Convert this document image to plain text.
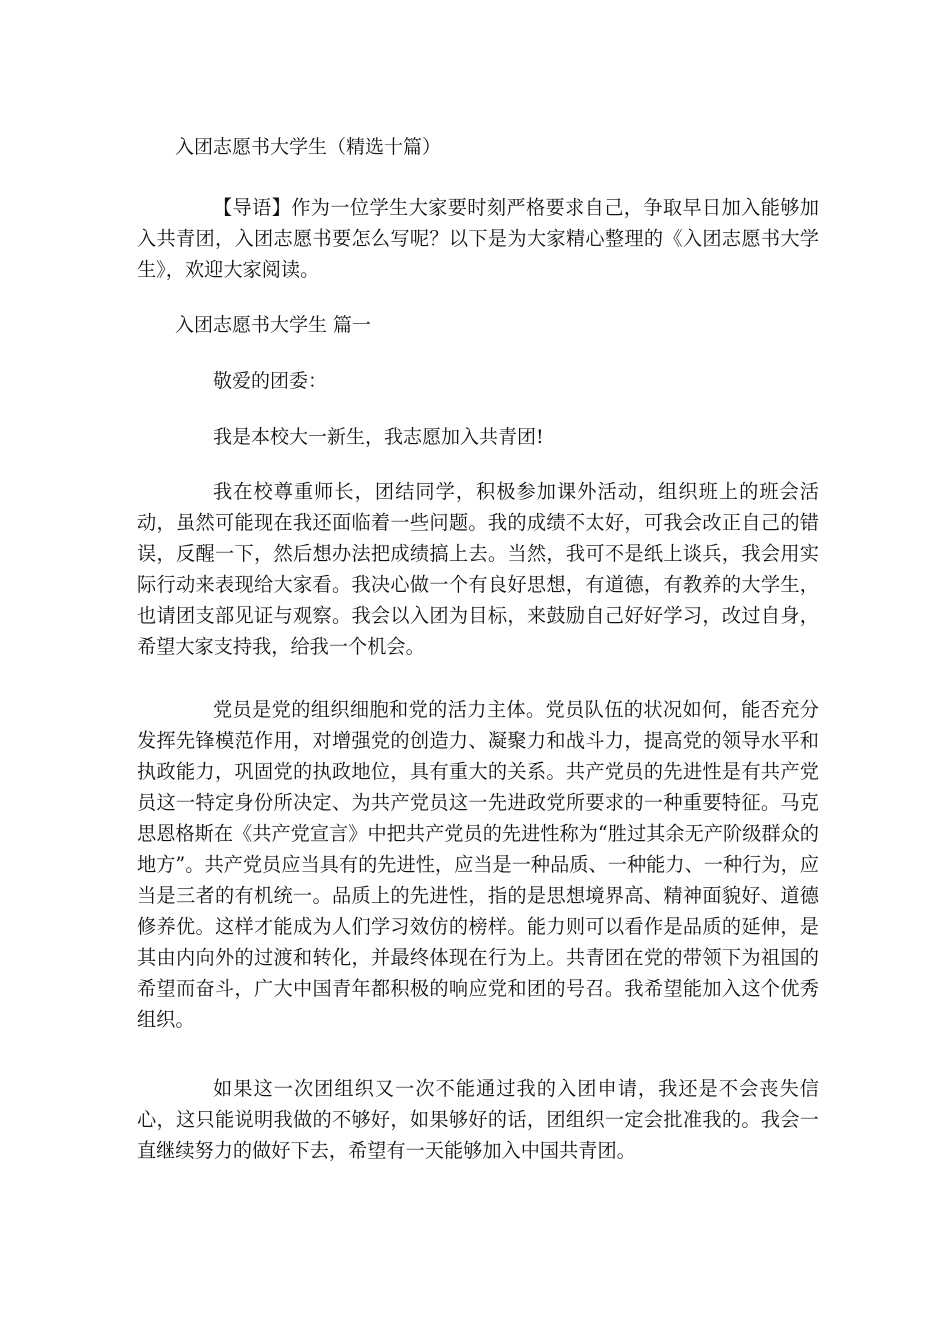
入团志愿书大学生（精选十篇）

【导语】作为一位学生大家要时刻严格要求自己，争取早日加入能够加入共青团，入团志愿书要怎么写呢？以下是为大家精心整理的《入团志愿书大学生》，欢迎大家阅读。

入团志愿书大学生 篇一
敬爱的团委：
我是本校大一新生，我志愿加入共青团!

我在校尊重师长，团结同学，积极参加课外活动，组织班上的班会活动，虽然可能现在我还面临着一些问题。我的成绩不太好，可我会改正自己的错误，反醒一下，然后想办法把成绩搞上去。当然，我可不是纸上谈兵，我会用实际行动来表现给大家看。我决心做一个有良好思想，有道德，有教养的大学生，也请团支部见证与观察。我会以入团为目标，来鼓励自己好好学习，改过自身，希望大家支持我，给我一个机会。

党员是党的组织细胞和党的活力主体。党员队伍的状况如何，能否充分发挥先锋模范作用，对增强党的创造力、凝聚力和战斗力，提高党的领导水平和执政能力，巩固党的执政地位，具有重大的关系。共产党员的先进性是有共产党员这一特定身份所决定、为共产党员这一先进政党所要求的一种重要特征。马克思恩格斯在《共产党宣言》中把共产党员的先进性称为“胜过其余无产阶级群众的地方”。共产党员应当具有的先进性，应当是一种品质、一种能力、一种行为，应当是三者的有机统一。品质上的先进性，指的是思想境界高、精神面貌好、道德修养优。这样才能成为人们学习效仿的榜样。能力则可以看作是品质的延伸，是其由内向外的过渡和转化，并最终体现在行为上。共青团在党的带领下为祖国的希望而奋斗，广大中国青年都积极的响应党和团的号召。我希望能加入这个优秀组织。

如果这一次团组织又一次不能通过我的入团申请，我还是不会丧失信心，这只能说明我做的不够好，如果够好的话，团组织一定会批准我的。我会一直继续努力的做好下去，希望有一天能够加入中国共青团。
